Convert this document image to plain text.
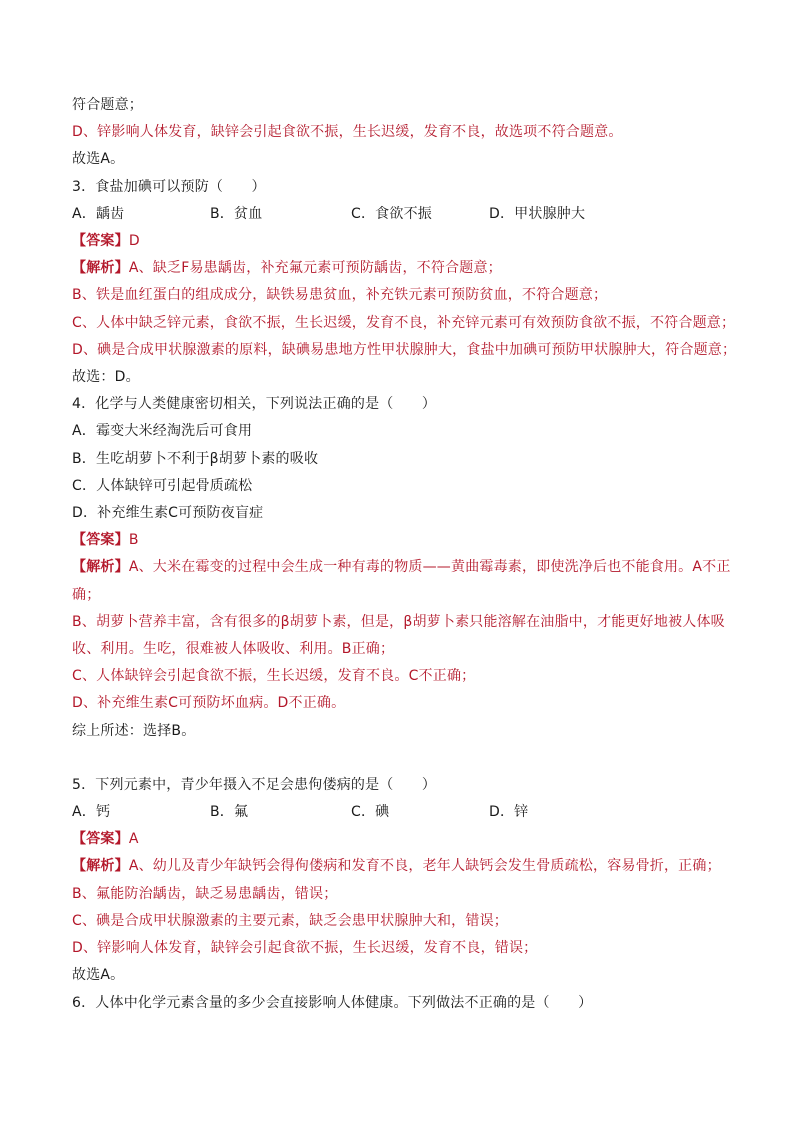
符合题意；
D、锌影响人体发育，缺锌会引起食欲不振，生长迟缓，发育不良，故选项不符合题意。
故选A。
3．食盐加碘可以预防（　　）
A．龋齿	B．贫血	C．食欲不振	D．甲状腺肿大
【答案】D
【解析】A、缺乏F易患龋齿，补充氟元素可预防龋齿，不符合题意；
B、铁是血红蛋白的组成成分，缺铁易患贫血，补充铁元素可预防贫血，不符合题意；
C、人体中缺乏锌元素，食欲不振，生长迟缓，发育不良，补充锌元素可有效预防食欲不振，不符合题意；
D、碘是合成甲状腺激素的原料，缺碘易患地方性甲状腺肿大，食盐中加碘可预防甲状腺肿大，符合题意；
故选：D。
4．化学与人类健康密切相关，下列说法正确的是（　　）
A．霉变大米经淘洗后可食用
B．生吃胡萝卜不利于β胡萝卜素的吸收
C．人体缺锌可引起骨质疏松
D．补充维生素C可预防夜盲症
【答案】B
【解析】A、大米在霉变的过程中会生成一种有毒的物质——黄曲霉毒素，即使洗净后也不能食用。A不正
确；
B、胡萝卜营养丰富，含有很多的β胡萝卜素，但是，β胡萝卜素只能溶解在油脂中，才能更好地被人体吸
收、利用。生吃，很难被人体吸收、利用。B正确；
C、人体缺锌会引起食欲不振，生长迟缓，发育不良。C不正确；
D、补充维生素C可预防坏血病。D不正确。
综上所述：选择B。
5．下列元素中，青少年摄入不足会患佝偻病的是（　　）
A．钙	B．氟	C．碘	D．锌
【答案】A
【解析】A、幼儿及青少年缺钙会得佝偻病和发育不良，老年人缺钙会发生骨质疏松，容易骨折，正确；
B、氟能防治龋齿，缺乏易患龋齿，错误；
C、碘是合成甲状腺激素的主要元素，缺乏会患甲状腺肿大和，错误；
D、锌影响人体发育，缺锌会引起食欲不振，生长迟缓，发育不良，错误；
故选A。
6．人体中化学元素含量的多少会直接影响人体健康。下列做法不正确的是（　　）
